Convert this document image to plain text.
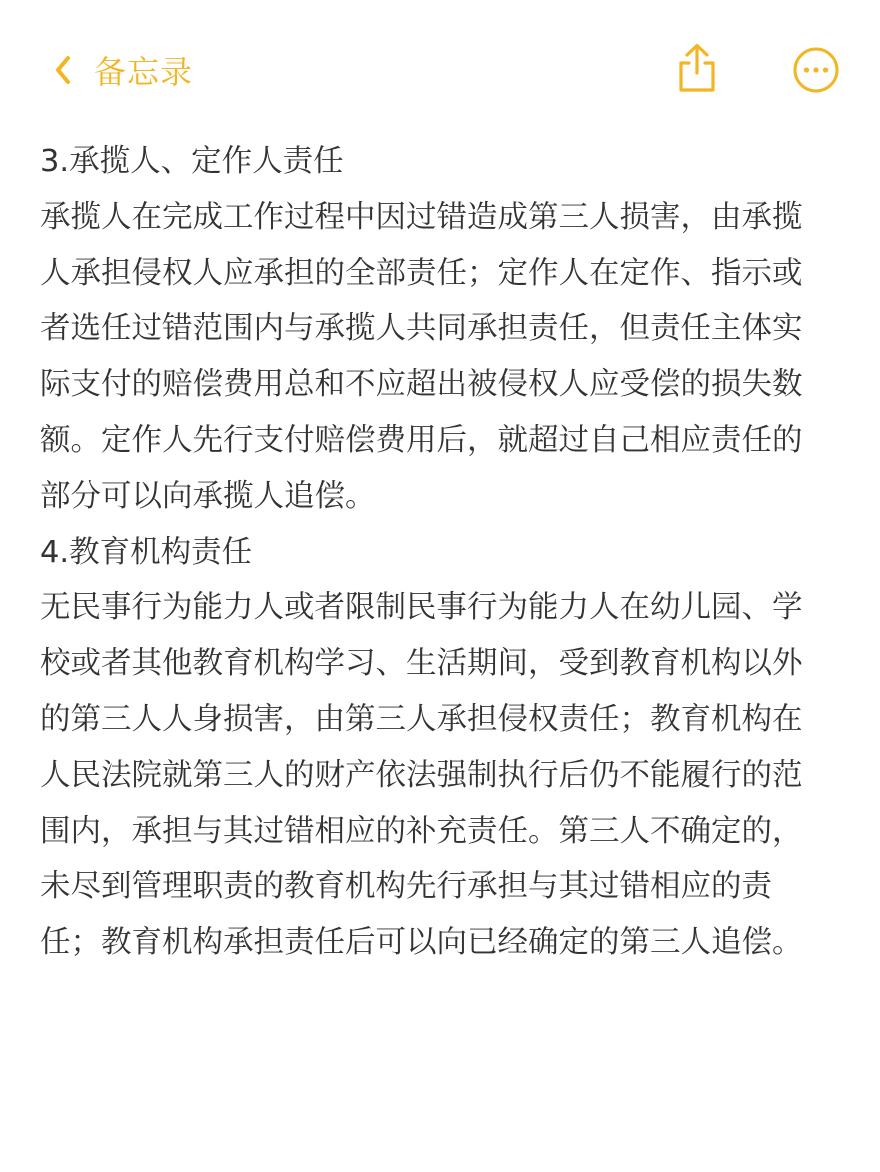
备忘录
3.承揽人、定作人责任
承揽人在完成工作过程中因过错造成第三人损害，由承揽
人承担侵权人应承担的全部责任；定作人在定作、指示或
者选任过错范围内与承揽人共同承担责任，但责任主体实
际支付的赔偿费用总和不应超出被侵权人应受偿的损失数
额。定作人先行支付赔偿费用后，就超过自己相应责任的
部分可以向承揽人追偿。
4.教育机构责任
无民事行为能力人或者限制民事行为能力人在幼儿园、学
校或者其他教育机构学习、生活期间，受到教育机构以外
的第三人人身损害，由第三人承担侵权责任；教育机构在
人民法院就第三人的财产依法强制执行后仍不能履行的范
围内，承担与其过错相应的补充责任。第三人不确定的，
未尽到管理职责的教育机构先行承担与其过错相应的责
任；教育机构承担责任后可以向已经确定的第三人追偿。
